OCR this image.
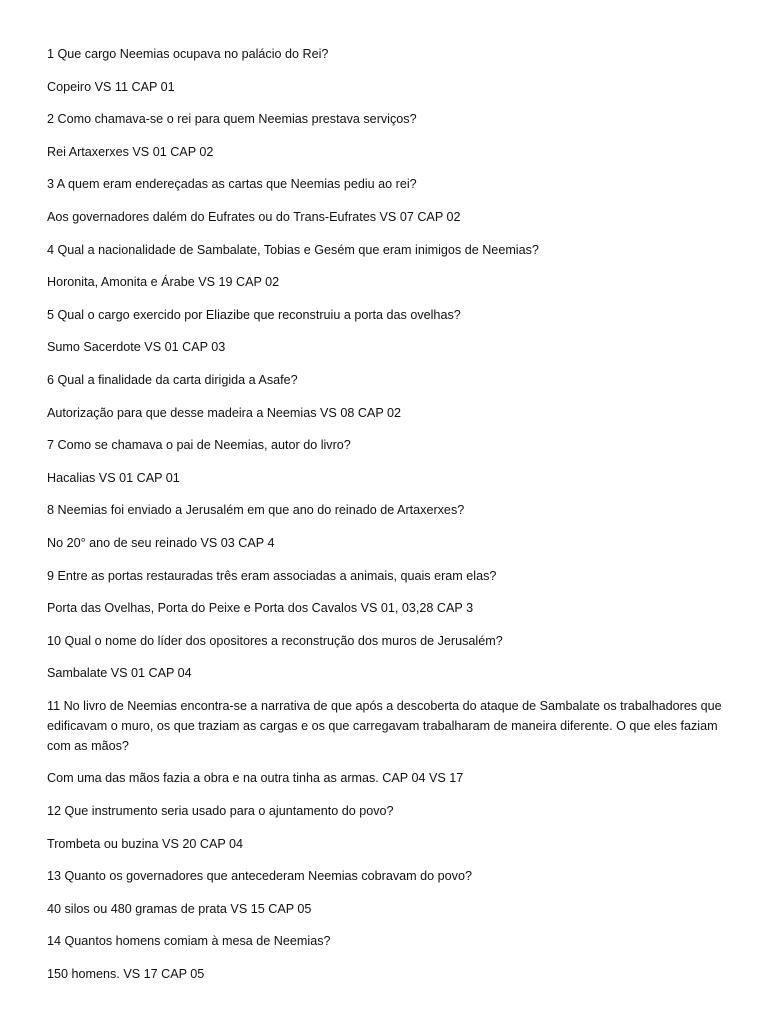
1 Que cargo Neemias ocupava no palácio do Rei?

Copeiro VS 11 CAP 01

2 Como chamava-se o rei para quem Neemias prestava serviços?

Rei Artaxerxes VS 01 CAP 02

3 A quem eram endereçadas as cartas que Neemias pediu ao rei?

Aos governadores dalém do Eufrates ou do Trans-Eufrates VS 07 CAP 02

4 Qual a nacionalidade de Sambalate, Tobias e Gesém que eram inimigos de Neemias?

Horonita, Amonita e Árabe VS 19 CAP 02

5 Qual o cargo exercido por Eliazibe que reconstruiu a porta das ovelhas?

Sumo Sacerdote VS 01 CAP 03

6 Qual a finalidade da carta dirigida a Asafe?

Autorização para que desse madeira a Neemias VS 08 CAP 02

7 Como se chamava o pai de Neemias, autor do livro?

Hacalias VS 01 CAP 01

8 Neemias foi enviado a Jerusalém em que ano do reinado de Artaxerxes?

No 20° ano de seu reinado VS 03 CAP 4

9 Entre as portas restauradas três eram associadas a animais, quais eram elas?

Porta das Ovelhas, Porta do Peixe e Porta dos Cavalos VS 01, 03,28 CAP 3

10 Qual o nome do líder dos opositores a reconstrução dos muros de Jerusalém?

Sambalate VS 01 CAP 04

11 No livro de Neemias encontra-se a narrativa de que após a descoberta do ataque de Sambalate os trabalhadores que edificavam o muro, os que traziam as cargas e os que carregavam trabalharam de maneira diferente. O que eles faziam com as mãos?

Com uma das mãos fazia a obra e na outra tinha as armas. CAP 04 VS 17

12 Que instrumento seria usado para o ajuntamento do povo?

Trombeta ou buzina VS 20 CAP 04

13 Quanto os governadores que antecederam Neemias cobravam do povo?

40 silos ou 480 gramas de prata VS 15 CAP 05

14 Quantos homens comiam à mesa de Neemias?

150 homens. VS 17 CAP 05
